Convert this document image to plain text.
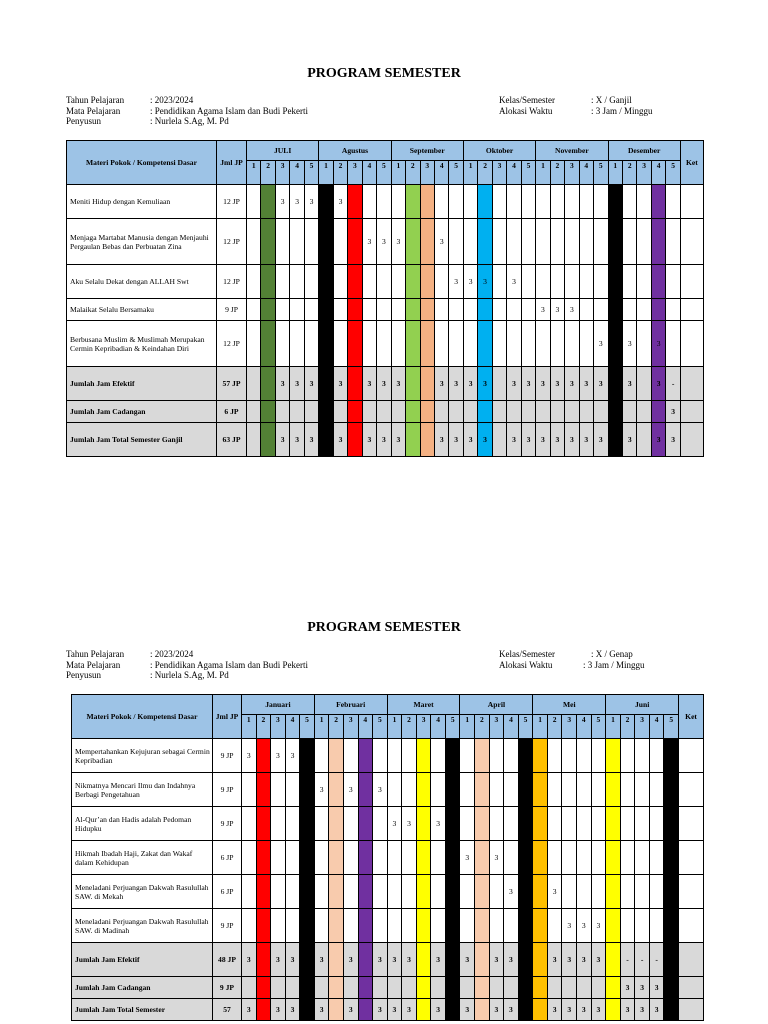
PROGRAM SEMESTER
Tahun Pelajaran	: 2023/2024
Mata Pelajaran	: Pendidikan Agama Islam dan Budi Pekerti
Penyusun	: Nurlela S.Ag, M. Pd
Kelas/Semester	: X / Ganjil
Alokasi Waktu	: 3 Jam / Minggu
Materi Pokok / Kompetensi Dasar	Jml JP	JULI					Agustus					September					Oktober					November					Desember					Ket
		1	2	3	4	5	1	2	3	4	5	1	2	3	4	5	1	2	3	4	5	1	2	3	4	5	1	2	3	4	5	
Meniti Hidup dengan Kemuliaan	12 JP			3	3	3		3																								
Menjaga Martabat Manusia dengan Menjauhi Pergaulan Bebas dan Perbuatan Zina	12 JP									3	3	3			3																	
Aku Selalu Dekat dengan ALLAH Swt	12 JP															3	3	3		3												
Malaikat Selalu Bersamaku	9 JP																					3	3	3								
Berbusana Muslim & Muslimah Merupakan Cermin Kepribadian & Keindahan Diri	12 JP																									3	3	3		3		
Jumlah Jam Efektif	57 JP			3	3	3		3		3	3	3			3	3	3	3		3	3	3	3	3	3	3	3	3		3	-	
Jumlah Jam Cadangan	6 JP																														3	
Jumlah Jam Total Semester Ganjil	63 JP			3	3	3		3		3	3	3			3	3	3	3		3	3	3	3	3	3	3	3	3		3	3	
PROGRAM SEMESTER
Tahun Pelajaran	: 2023/2024
Mata Pelajaran	: Pendidikan Agama Islam dan Budi Pekerti
Penyusun	: Nurlela S.Ag, M. Pd
Kelas/Semester	: X / Genap
Alokasi Waktu	: 3 Jam / Minggu
Materi Pokok / Kompetensi Dasar	Jml JP	Januari					Februari					Maret					April					Mei					Juni					Ket
		1	2	3	4	5	1	2	3	4	5	1	2	3	4	5	1	2	3	4	5	1	2	3	4	5	1	2	3	4	5	
Mempertahankan Kejujuran sebagai Cermin Kepribadian	9 JP	3		3	3																											
Nikmatnya Mencari Ilmu dan Indahnya Berbagi Pengetahuan	9 JP						3		3		3																					
Al-Qur’an dan Hadis adalah Pedoman Hidupku	9 JP											3	3		3																	
Hikmah Ibadah Haji, Zakat dan Wakaf dalam Kehidupan	6 JP																3		3													
Meneladani Perjuangan Dakwah Rasulullah SAW. di Mekah	6 JP																			3			3									
Meneladani Perjuangan Dakwah Rasulullah SAW. di Madinah	9 JP																							3	3	3						
Jumlah Jam Efektif	48 JP	3		3	3		3		3		3	3	3		3		3		3	3			3	3	3	3		-	-	-		
Jumlah Jam Cadangan	9 JP																											3	3	3		
Jumlah Jam Total Semester	57	3		3	3		3		3		3	3	3		3		3		3	3			3	3	3	3		3	3	3		
